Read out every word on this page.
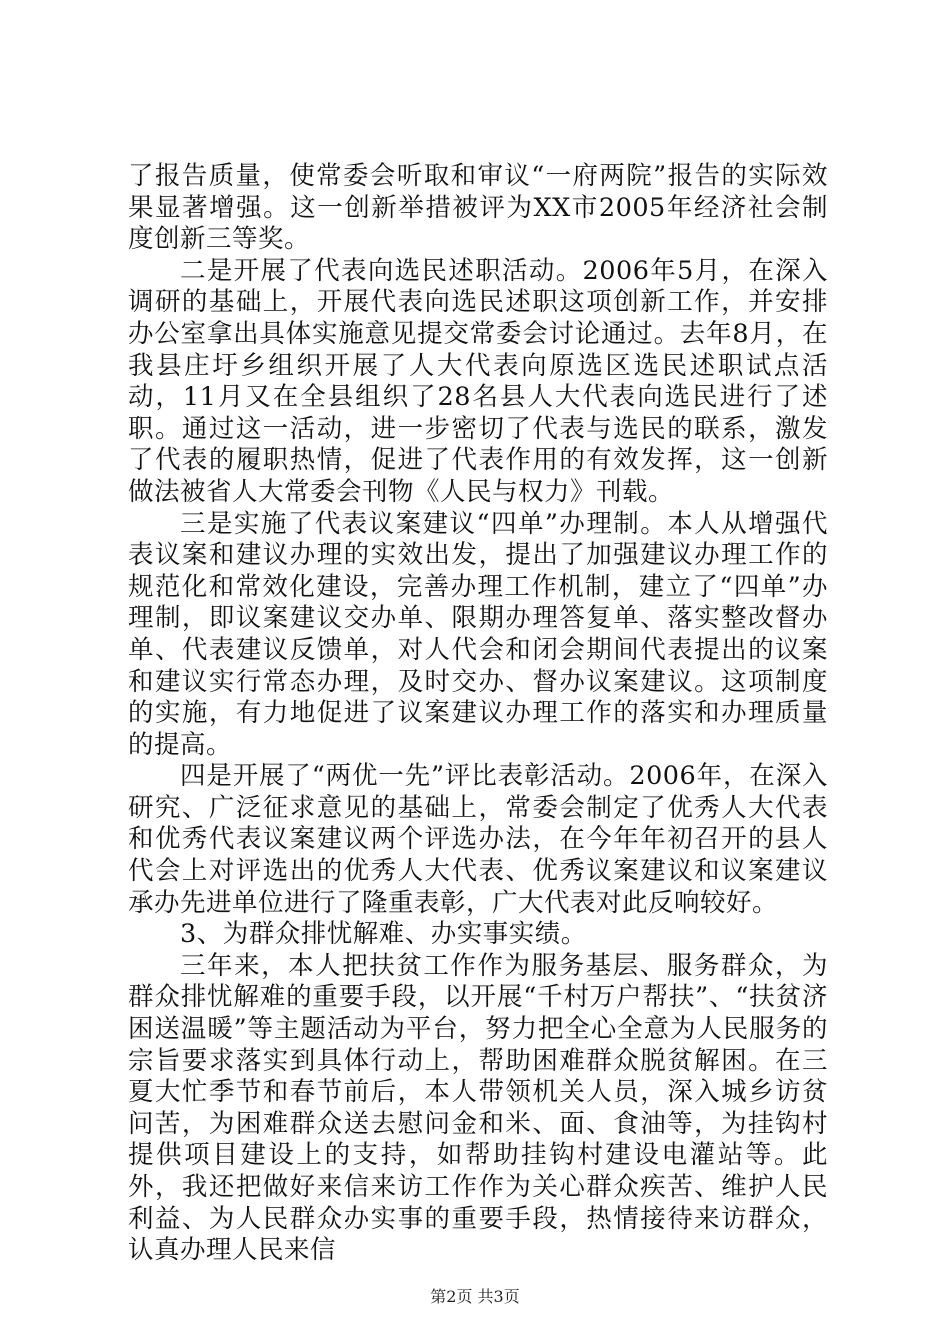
了报告质量，使常委会听取和审议“一府两院”报告的实际效果显著增强。这一创新举措被评为XX市2005年经济社会制度创新三等奖。

二是开展了代表向选民述职活动。2006年5月，在深入调研的基础上，开展代表向选民述职这项创新工作，并安排办公室拿出具体实施意见提交常委会讨论通过。去年8月，在我县庄圩乡组织开展了人大代表向原选区选民述职试点活动，11月又在全县组织了28名县人大代表向选民进行了述职。通过这一活动，进一步密切了代表与选民的联系，激发了代表的履职热情，促进了代表作用的有效发挥，这一创新做法被省人大常委会刊物《人民与权力》刊载。

三是实施了代表议案建议“四单”办理制。本人从增强代表议案和建议办理的实效出发，提出了加强建议办理工作的规范化和常效化建设，完善办理工作机制，建立了“四单”办理制，即议案建议交办单、限期办理答复单、落实整改督办单、代表建议反馈单，对人代会和闭会期间代表提出的议案和建议实行常态办理，及时交办、督办议案建议。这项制度的实施，有力地促进了议案建议办理工作的落实和办理质量的提高。

四是开展了“两优一先”评比表彰活动。2006年，在深入研究、广泛征求意见的基础上，常委会制定了优秀人大代表和优秀代表议案建议两个评选办法，在今年年初召开的县人代会上对评选出的优秀人大代表、优秀议案建议和议案建议承办先进单位进行了隆重表彰，广大代表对此反响较好。

3、为群众排忧解难、办实事实绩。

三年来，本人把扶贫工作作为服务基层、服务群众，为群众排忧解难的重要手段，以开展“千村万户帮扶”、“扶贫济困送温暖”等主题活动为平台，努力把全心全意为人民服务的宗旨要求落实到具体行动上，帮助困难群众脱贫解困。在三夏大忙季节和春节前后，本人带领机关人员，深入城乡访贫问苦，为困难群众送去慰问金和米、面、食油等，为挂钩村提供项目建设上的支持，如帮助挂钩村建设电灌站等。此外，我还把做好来信来访工作作为关心群众疾苦、维护人民利益、为人民群众办实事的重要手段，热情接待来访群众，认真办理人民来信

第2页 共3页
